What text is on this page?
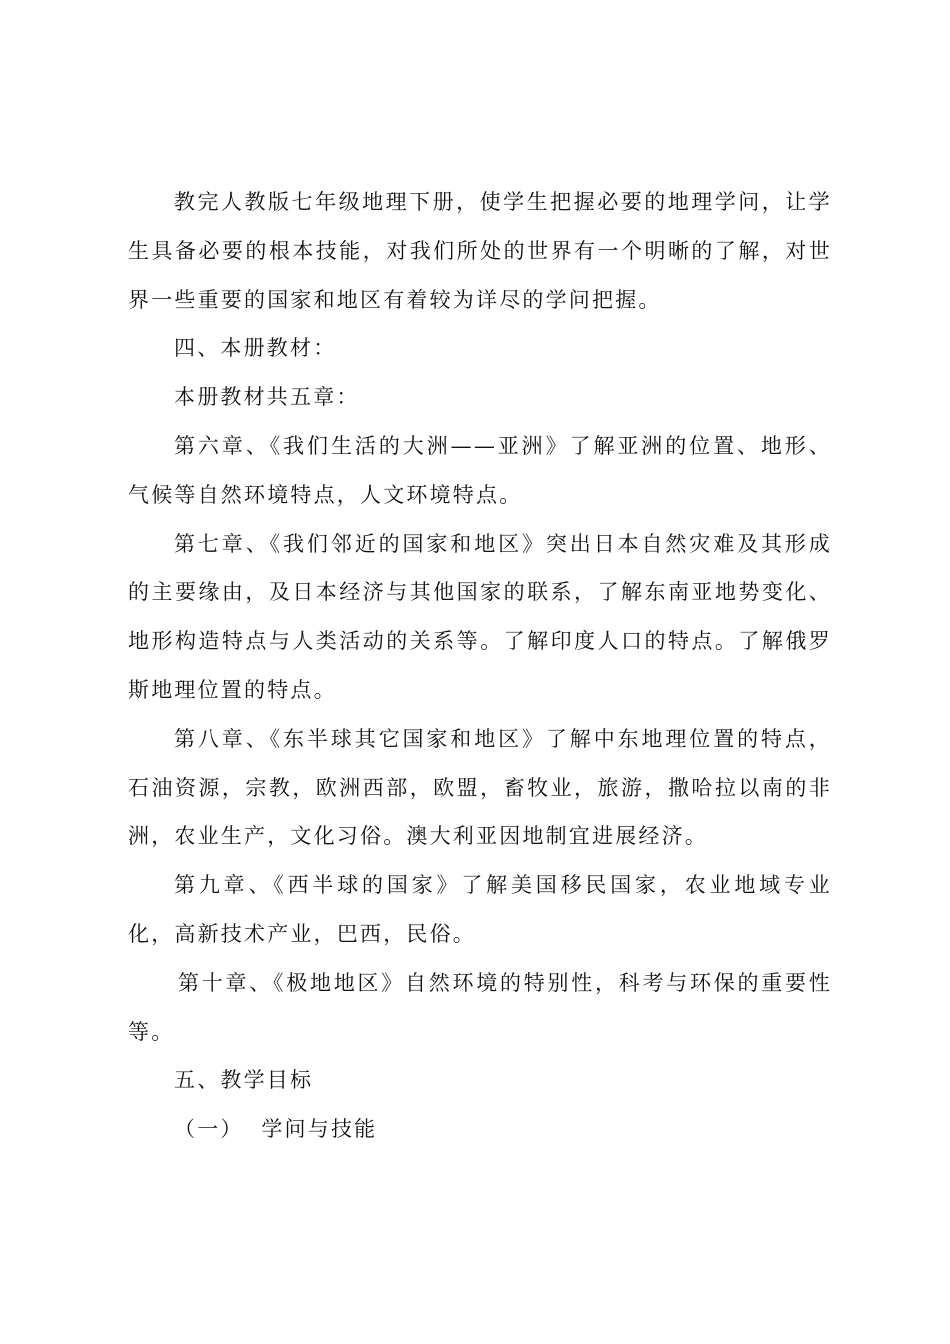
教完人教版七年级地理下册，使学生把握必要的地理学问，让学生具备必要的根本技能，对我们所处的世界有一个明晰的了解，对世界一些重要的国家和地区有着较为详尽的学问把握。

四、本册教材：

本册教材共五章：

第六章、《我们生活的大洲——亚洲》了解亚洲的位置、地形、气候等自然环境特点，人文环境特点。

第七章、《我们邻近的国家和地区》突出日本自然灾难及其形成的主要缘由，及日本经济与其他国家的联系，了解东南亚地势变化、地形构造特点与人类活动的关系等。了解印度人口的特点。了解俄罗斯地理位置的特点。

第八章、《东半球其它国家和地区》了解中东地理位置的特点，石油资源，宗教，欧洲西部，欧盟，畜牧业，旅游，撒哈拉以南的非洲，农业生产，文化习俗。澳大利亚因地制宜进展经济。

第九章、《西半球的国家》了解美国移民国家，农业地域专业化，高新技术产业，巴西，民俗。

第十章、《极地地区》自然环境的特别性，科考与环保的重要性等。

五、教学目标

（一）  学问与技能
